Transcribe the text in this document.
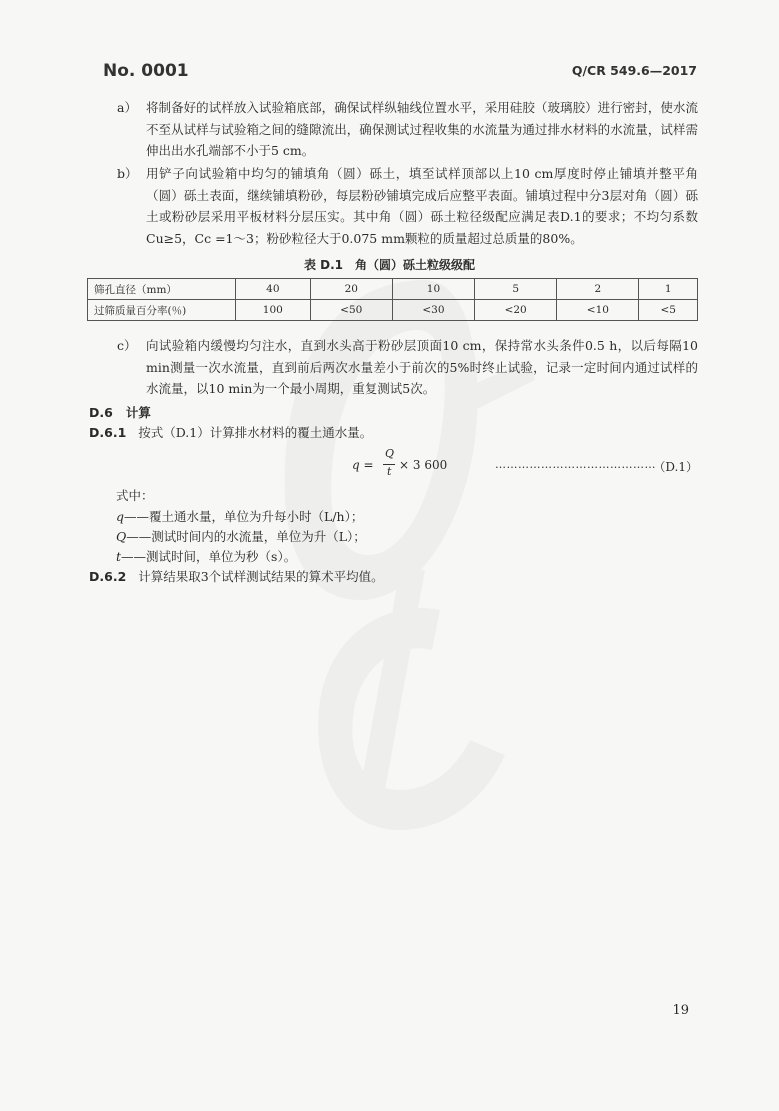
No. 0001	Q/CR 549.6—2017
a） 将制备好的试样放入试验箱底部，确保试样纵轴线位置水平，采用硅胶（玻璃胶）进行密封，使水流不至从试样与试验箱之间的缝隙流出，确保测试过程收集的水流量为通过排水材料的水流量，试样需伸出出水孔端部不小于5 cm。
b） 用铲子向试验箱中均匀的铺填角（圆）砾土，填至试样顶部以上10 cm厚度时停止铺填并整平角（圆）砾土表面，继续铺填粉砂，每层粉砂铺填完成后应整平表面。铺填过程中分3层对角（圆）砾土或粉砂层采用平板材料分层压实。其中角（圆）砾土粒径级配应满足表D.1的要求；不均匀系数 Cu≥5，Cc =1～3；粉砂粒径大于0.075 mm颗粒的质量超过总质量的80%。
表 D.1　角（圆）砾土粒级级配
筛孔直径（mm）	40	20	10	5	2	1
过筛质量百分率(％)	100	<50	<30	<20	<10	<5
c） 向试验箱内缓慢均匀注水，直到水头高于粉砂层顶面10 cm，保持常水头条件0.5 h，以后每隔10 min测量一次水流量，直到前后两次水量差小于前次的5%时终止试验，记录一定时间内通过试样的水流量，以10 min为一个最小周期，重复测试5次。
D.6 计算
D.6.1 按式（D.1）计算排水材料的覆土通水量。
q =
Q
t × 3 600	……………………………………
（D.1）
式中：
q——覆土通水量，单位为升每小时（L/h）；
Q——测试时间内的水流量，单位为升（L）；
t——测试时间，单位为秒（s）。
D.6.2 计算结果取3个试样测试结果的算术平均值。
19
